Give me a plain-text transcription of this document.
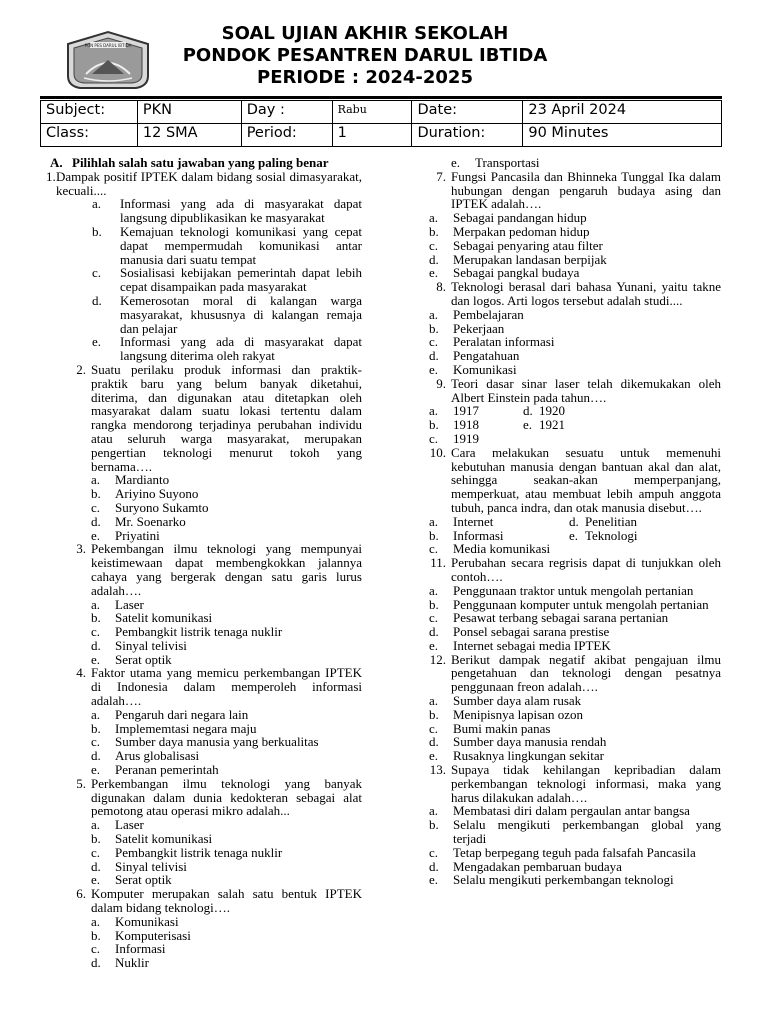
PON PES DARUL IBTIDA
SOAL UJIAN AKHIR SEKOLAH
PONDOK PESANTREN DARUL IBTIDA
PERIODE : 2024-2025
Subject:	PKN	Day :	Rabu	Date:	23 April 2024
Class:	12 SMA	Period:	1	Duration:	90 Minutes
A. Pilihlah salah satu jawaban yang paling benar
1. Dampak positif IPTEK dalam bidang sosial dimasyarakat, kecuali....
a.	Informasi yang ada di masyarakat dapat langsung dipublikasikan ke masyarakat
b.	Kemajuan teknologi komunikasi yang cepat dapat mempermudah komunikasi antar manusia dari suatu tempat
c.	Sosialisasi kebijakan pemerintah dapat lebih cepat disampaikan pada masyarakat
d.	Kemerosotan moral di kalangan warga masyarakat, khususnya di kalangan remaja dan pelajar
e.	Informasi yang ada di masyarakat dapat langsung diterima oleh rakyat
2. Suatu perilaku produk informasi dan praktik-praktik baru yang belum banyak diketahui, diterima, dan digunakan atau ditetapkan oleh masyarakat dalam suatu lokasi tertentu dalam rangka mendorong terjadinya perubahan individu atau seluruh warga masyarakat, merupakan pengertian teknologi menurut tokoh yang bernama….
a.	Mardianto
b.	Ariyino Suyono
c.	Suryono Sukamto
d.	Mr. Soenarko
e.	Priyatini
3. Pekembangan ilmu teknologi yang mempunyai keistimewaan dapat membengkokkan jalannya cahaya yang bergerak dengan satu garis lurus adalah….
a.	Laser
b.	Satelit komunikasi
c.	Pembangkit listrik tenaga nuklir
d.	Sinyal telivisi
e.	Serat optik
4. Faktor utama yang memicu perkembangan IPTEK di Indonesia dalam memperoleh informasi adalah….
a.	Pengaruh dari negara lain
b.	Implememtasi negara maju
c.	Sumber daya manusia yang berkualitas
d.	Arus globalisasi
e.	Peranan pemerintah
5. Perkembangan ilmu teknologi yang banyak digunakan dalam dunia kedokteran sebagai alat pemotong atau operasi mikro adalah...
a.	Laser
b.	Satelit komunikasi
c.	Pembangkit listrik tenaga nuklir
d.	Sinyal telivisi
e.	Serat optik
6. Komputer merupakan salah satu bentuk IPTEK dalam bidang teknologi….
a.	Komunikasi
b.	Komputerisasi
c.	Informasi
d.	Nuklir
e.	Transportasi
7. Fungsi Pancasila dan Bhinneka Tunggal Ika dalam hubungan dengan pengaruh budaya asing dan IPTEK adalah….
a.	Sebagai pandangan hidup
b.	Merpakan pedoman hidup
c.	Sebagai penyaring atau filter
d.	Merupakan landasan berpijak
e.	Sebagai pangkal budaya
8. Teknologi berasal dari bahasa Yunani, yaitu takne dan logos. Arti logos tersebut adalah studi....
a.	Pembelajaran
b.	Pekerjaan
c.	Peralatan informasi
d.	Pengatahuan
e.	Komunikasi
9. Teori dasar sinar laser telah dikemukakan oleh Albert Einstein pada tahun….
a.	1917	d. 1920
b.	1918	e. 1921
c.	1919
10. Cara melakukan sesuatu untuk memenuhi kebutuhan manusia dengan bantuan akal dan alat, sehingga seakan-akan memperpanjang, memperkuat, atau membuat lebih ampuh anggota tubuh, panca indra, dan otak manusia disebut….
a.	Internet	d. Penelitian
b.	Informasi	e. Teknologi
c.	Media komunikasi
11. Perubahan secara regrisis dapat di tunjukkan oleh contoh….
a.	Penggunaan traktor untuk mengolah pertanian
b.	Penggunaan komputer untuk mengolah pertanian
c.	Pesawat terbang sebagai sarana pertanian
d.	Ponsel sebagai sarana prestise
e.	Internet sebagai media IPTEK
12. Berikut dampak negatif akibat pengajuan ilmu pengetahuan dan teknologi dengan pesatnya penggunaan freon adalah….
a.	Sumber daya alam rusak
b.	Menipisnya lapisan ozon
c.	Bumi makin panas
d.	Sumber daya manusia rendah
e.	Rusaknya lingkungan sekitar
13. Supaya tidak kehilangan kepribadian dalam perkembangan teknologi informasi, maka yang harus dilakukan adalah….
a.	Membatasi diri dalam pergaulan antar bangsa
b.	Selalu mengikuti perkembangan global yang terjadi
c.	Tetap berpegang teguh pada falsafah Pancasila
d.	Mengadakan pembaruan budaya
e.	Selalu mengikuti perkembangan teknologi
